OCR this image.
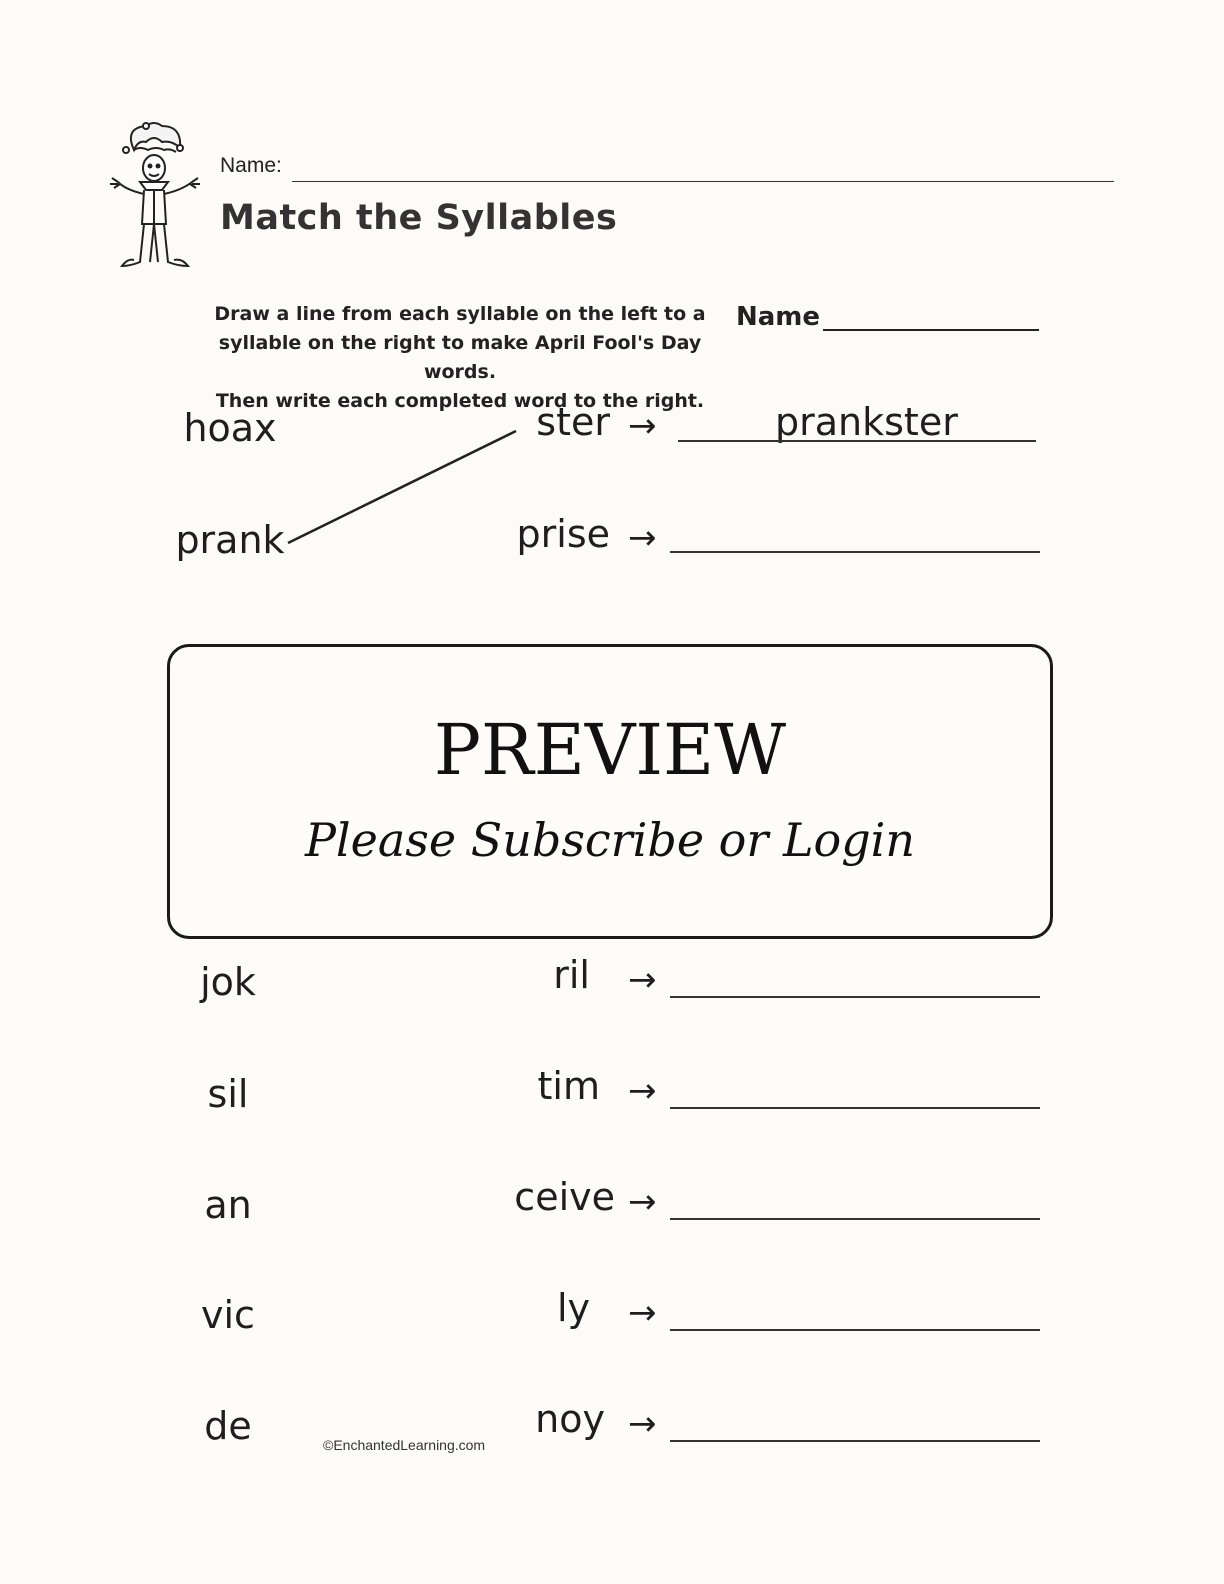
Name:
Match the Syllables
Draw a line from each syllable on the left to a
syllable on the right to make April Fool's Day words.
Then write each completed word to the right.
Name
hoax	ster →	prankster
prank	prise →
PREVIEW
Please Subscribe or Login
jok	ril →
sil	tim →
an	ceive →
vic	ly →
de	noy →
©EnchantedLearning.com
